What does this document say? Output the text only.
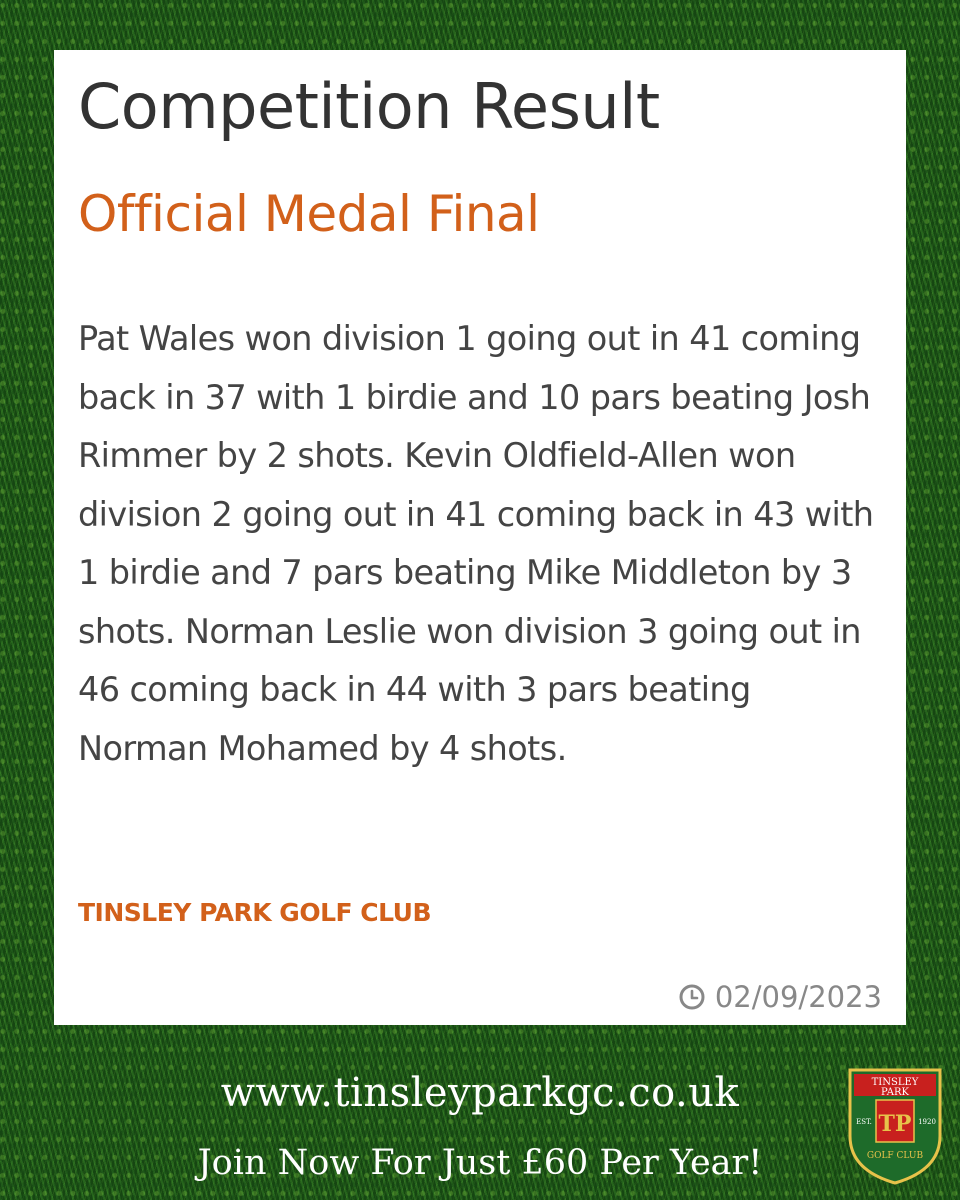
Competition Result
Official Medal Final

Pat Wales won division 1 going out in 41 coming back in 37 with 1 birdie and 10 pars beating Josh Rimmer by 2 shots. Kevin Oldfield-Allen won division 2 going out in 41 coming back in 43 with 1 birdie and 7 pars beating Mike Middleton by 3 shots. Norman Leslie won division 3 going out in 46 coming back in 44 with 3 pars beating Norman Mohamed by 4 shots.

TINSLEY PARK GOLF CLUB

02/09/2023
www.tinsleyparkgc.co.uk
Join Now For Just £60 Per Year!
TINSLEY
PARK
TP
EST.	1920
GOLF CLUB
